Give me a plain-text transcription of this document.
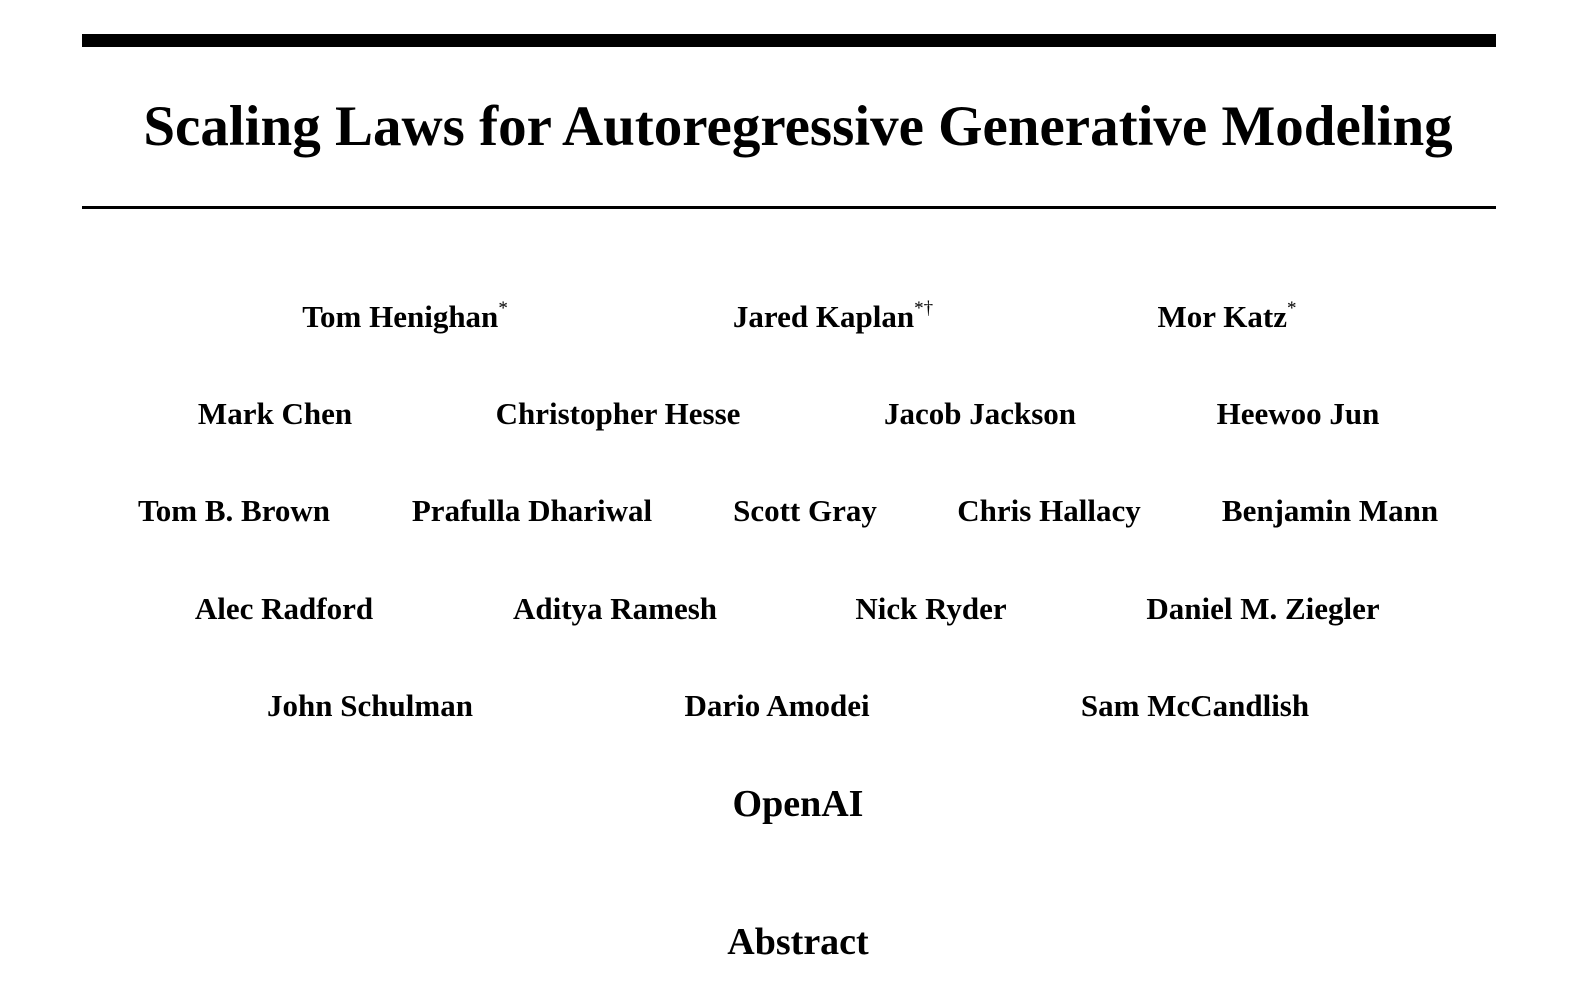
Scaling Laws for Autoregressive Generative Modeling
Tom Henighan*	Jared Kaplan*†	Mor Katz*
Mark Chen	Christopher Hesse	Jacob Jackson	Heewoo Jun
Tom B. Brown	Prafulla Dhariwal	Scott Gray	Chris Hallacy	Benjamin Mann
Alec Radford	Aditya Ramesh	Nick Ryder	Daniel M. Ziegler
John Schulman	Dario Amodei	Sam McCandlish
OpenAI
Abstract
